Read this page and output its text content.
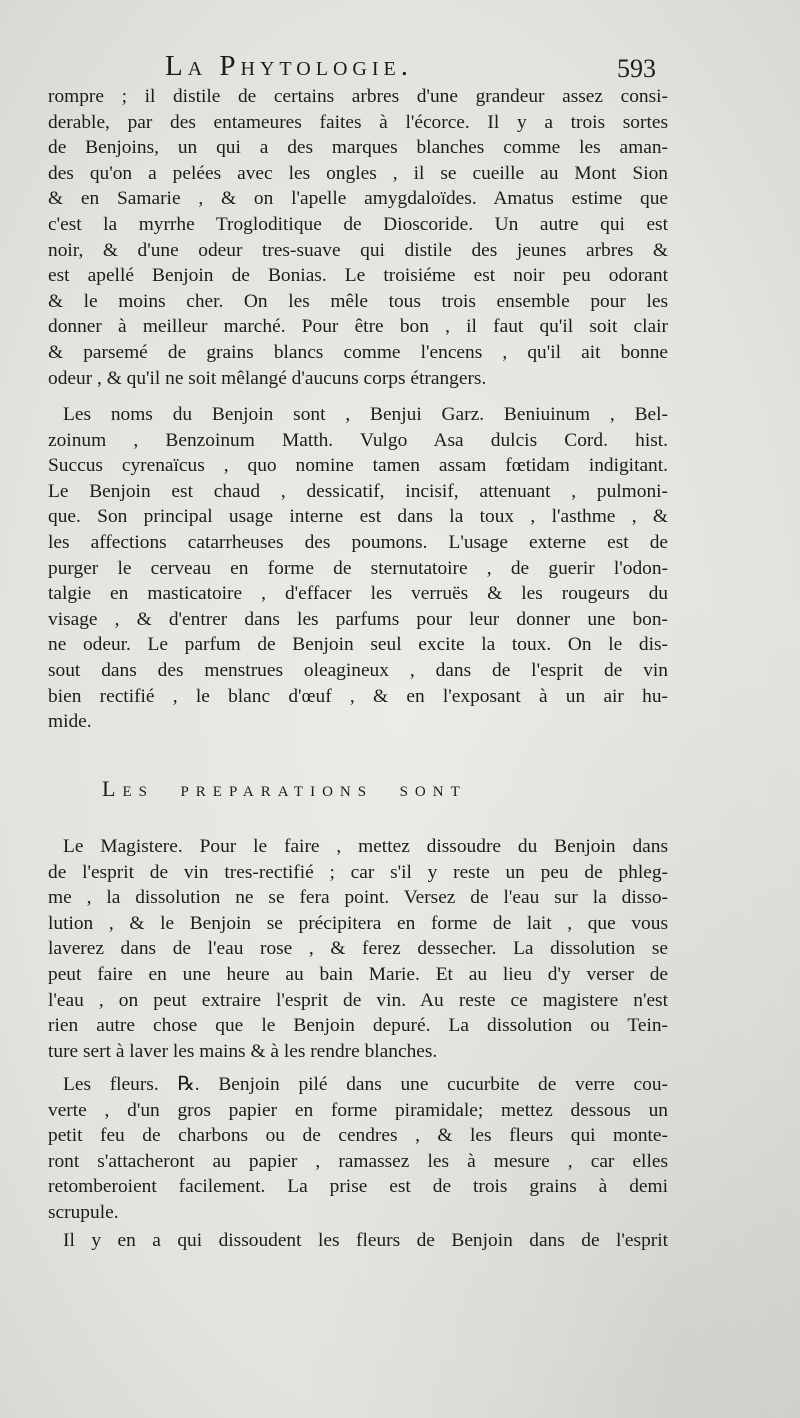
La Phytologie.	593
rompre ; il distile de certains arbres d'une grandeur assez consi-
derable, par des entameures faites à l'écorce. Il y a trois sortes
de Benjoins, un qui a des marques blanches comme les aman-
des qu'on a pelées avec les ongles , il se cueille au Mont Sion
& en Samarie , & on l'apelle amygdaloïdes. Amatus estime que
c'est la myrrhe Trogloditique de Dioscoride. Un autre qui est
noir, & d'une odeur tres-suave qui distile des jeunes arbres &
est apellé Benjoin de Bonias. Le troisiéme est noir peu odorant
& le moins cher. On les mêle tous trois ensemble pour les
donner à meilleur marché. Pour être bon , il faut qu'il soit clair
& parsemé de grains blancs comme l'encens , qu'il ait bonne
odeur , & qu'il ne soit mêlangé d'aucuns corps étrangers.
Les noms du Benjoin sont , Benjui Garz. Beniuinum , Bel-
zoinum , Benzoinum Matth. Vulgo Asa dulcis Cord. hist.
Succus cyrenaïcus , quo nomine tamen assam fœtidam indigitant.
Le Benjoin est chaud , dessicatif, incisif, attenuant , pulmoni-
que. Son principal usage interne est dans la toux , l'asthme , &
les affections catarrheuses des poumons. L'usage externe est de
purger le cerveau en forme de sternutatoire , de guerir l'odon-
talgie en masticatoire , d'effacer les verruës & les rougeurs du
visage , & d'entrer dans les parfums pour leur donner une bon-
ne odeur. Le parfum de Benjoin seul excite la toux. On le dis-
sout dans des menstrues oleagineux , dans de l'esprit de vin
bien rectifié , le blanc d'œuf , & en l'exposant à un air hu-
mide.
Les preparations sont
Le Magistere. Pour le faire , mettez dissoudre du Benjoin dans
de l'esprit de vin tres-rectifié ; car s'il y reste un peu de phleg-
me , la dissolution ne se fera point. Versez de l'eau sur la disso-
lution , & le Benjoin se précipitera en forme de lait , que vous
laverez dans de l'eau rose , & ferez dessecher. La dissolution se
peut faire en une heure au bain Marie. Et au lieu d'y verser de
l'eau , on peut extraire l'esprit de vin. Au reste ce magistere n'est
rien autre chose que le Benjoin depuré. La dissolution ou Tein-
ture sert à laver les mains & à les rendre blanches.
Les fleurs. ℞. Benjoin pilé dans une cucurbite de verre cou-
verte , d'un gros papier en forme piramidale; mettez dessous un
petit feu de charbons ou de cendres , & les fleurs qui monte-
ront s'attacheront au papier , ramassez les à mesure , car elles
retomberoient facilement. La prise est de trois grains à demi
scrupule.
Il y en a qui dissoudent les fleurs de Benjoin dans de l'esprit
